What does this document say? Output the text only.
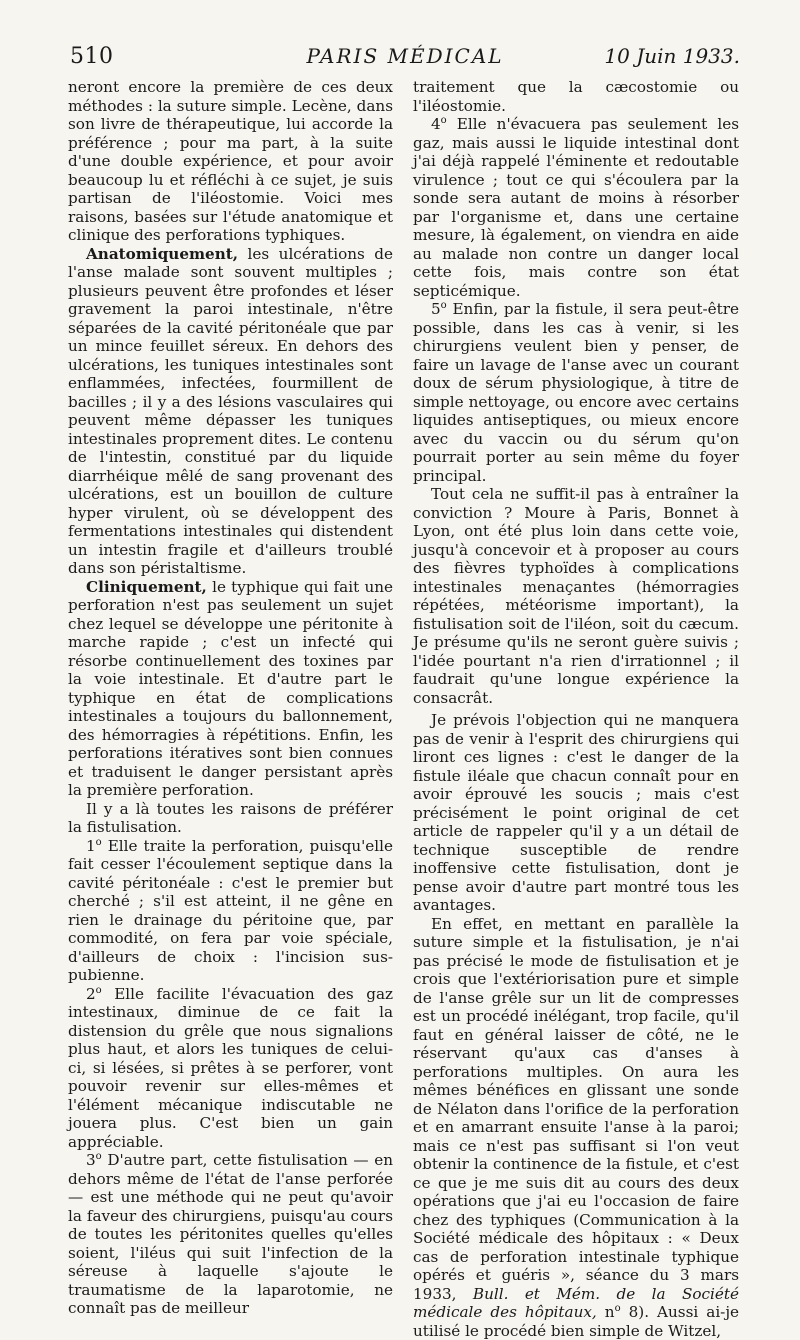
510	PARIS MÉDICAL	10 Juin 1933.

neront encore la première de ces deux méthodes : la suture simple. Lecène, dans son livre de thérapeutique, lui accorde la préférence ; pour ma part, à la suite d'une double expérience, et pour avoir beaucoup lu et réfléchi à ce sujet, je suis partisan de l'iléostomie. Voici mes raisons, basées sur l'étude anatomique et clinique des perforations typhiques.

Anatomiquement, les ulcérations de l'anse malade sont souvent multiples ; plusieurs peuvent être profondes et léser gravement la paroi intestinale, n'être séparées de la cavité péritonéale que par un mince feuillet séreux. En dehors des ulcérations, les tuniques intestinales sont enflammées, infectées, fourmillent de bacilles ; il y a des lésions vasculaires qui peuvent même dépasser les tuniques intestinales proprement dites. Le contenu de l'intestin, constitué par du liquide diarrhéique mêlé de sang provenant des ulcérations, est un bouillon de culture hyper virulent, où se développent des fermentations intestinales qui distendent un intestin fragile et d'ailleurs troublé dans son péristaltisme.

Cliniquement, le typhique qui fait une perforation n'est pas seulement un sujet chez lequel se développe une péritonite à marche rapide ; c'est un infecté qui résorbe continuellement des toxines par la voie intestinale. Et d'autre part le typhique en état de complications intestinales a toujours du ballonnement, des hémorragies à répétitions. Enfin, les perforations itératives sont bien connues et traduisent le danger persistant après la première perforation.

Il y a là toutes les raisons de préférer la fistulisation.

1$^o$ Elle traite la perforation, puisqu'elle fait cesser l'écoulement septique dans la cavité péritonéale : c'est le premier but cherché ; s'il est atteint, il ne gêne en rien le drainage du péritoine que, par commodité, on fera par voie spéciale, d'ailleurs de choix : l'incision sus-pubienne.

2$^o$ Elle facilite l'évacuation des gaz intestinaux, diminue de ce fait la distension du grêle que nous signalions plus haut, et alors les tuniques de celui-ci, si lésées, si prêtes à se perforer, vont pouvoir revenir sur elles-mêmes et l'élément mécanique indiscutable ne jouera plus. C'est bien un gain appréciable.

3$^o$ D'autre part, cette fistulisation — en dehors même de l'état de l'anse perforée — est une méthode qui ne peut qu'avoir la faveur des chirurgiens, puisqu'au cours de toutes les péritonites quelles qu'elles soient, l'iléus qui suit l'infection de la séreuse à laquelle s'ajoute le traumatisme de la laparotomie, ne connaît pas de meilleur

traitement que la cæcostomie ou l'iléostomie.

4$^o$ Elle n'évacuera pas seulement les gaz, mais aussi le liquide intestinal dont j'ai déjà rappelé l'éminente et redoutable virulence ; tout ce qui s'écoulera par la sonde sera autant de moins à résorber par l'organisme et, dans une certaine mesure, là également, on viendra en aide au malade non contre un danger local cette fois, mais contre son état septicémique.

5$^o$ Enfin, par la fistule, il sera peut-être possible, dans les cas à venir, si les chirurgiens veulent bien y penser, de faire un lavage de l'anse avec un courant doux de sérum physiologique, à titre de simple nettoyage, ou encore avec certains liquides antiseptiques, ou mieux encore avec du vaccin ou du sérum qu'on pourrait porter au sein même du foyer principal.

Tout cela ne suffit-il pas à entraîner la conviction ? Moure à Paris, Bonnet à Lyon, ont été plus loin dans cette voie, jusqu'à concevoir et à proposer au cours des fièvres typhoïdes à complications intestinales menaçantes (hémorragies répétées, météorisme important), la fistulisation soit de l'iléon, soit du cæcum. Je présume qu'ils ne seront guère suivis ; l'idée pourtant n'a rien d'irrationnel ; il faudrait qu'une longue expérience la consacrât.

Je prévois l'objection qui ne manquera pas de venir à l'esprit des chirurgiens qui liront ces lignes : c'est le danger de la fistule iléale que chacun connaît pour en avoir éprouvé les soucis ; mais c'est précisément le point original de cet article de rappeler qu'il y a un détail de technique susceptible de rendre inoffensive cette fistulisation, dont je pense avoir d'autre part montré tous les avantages.

En effet, en mettant en parallèle la suture simple et la fistulisation, je n'ai pas précisé le mode de fistulisation et je crois que l'extériorisation pure et simple de l'anse grêle sur un lit de compresses est un procédé inélégant, trop facile, qu'il faut en général laisser de côté, ne le réservant qu'aux cas d'anses à perforations multiples. On aura les mêmes bénéfices en glissant une sonde de Nélaton dans l'orifice de la perforation et en amarrant ensuite l'anse à la paroi; mais ce n'est pas suffisant si l'on veut obtenir la continence de la fistule, et c'est ce que je me suis dit au cours des deux opérations que j'ai eu l'occasion de faire chez des typhiques (Communication à la Société médicale des hôpitaux : « Deux cas de perforation intestinale typhique opérés et guéris », séance du 3 mars 1933, Bull. et Mém. de la Société médicale des hôpitaux, $n^o$ 8). Aussi ai-je utilisé le procédé bien simple de Witzel,
